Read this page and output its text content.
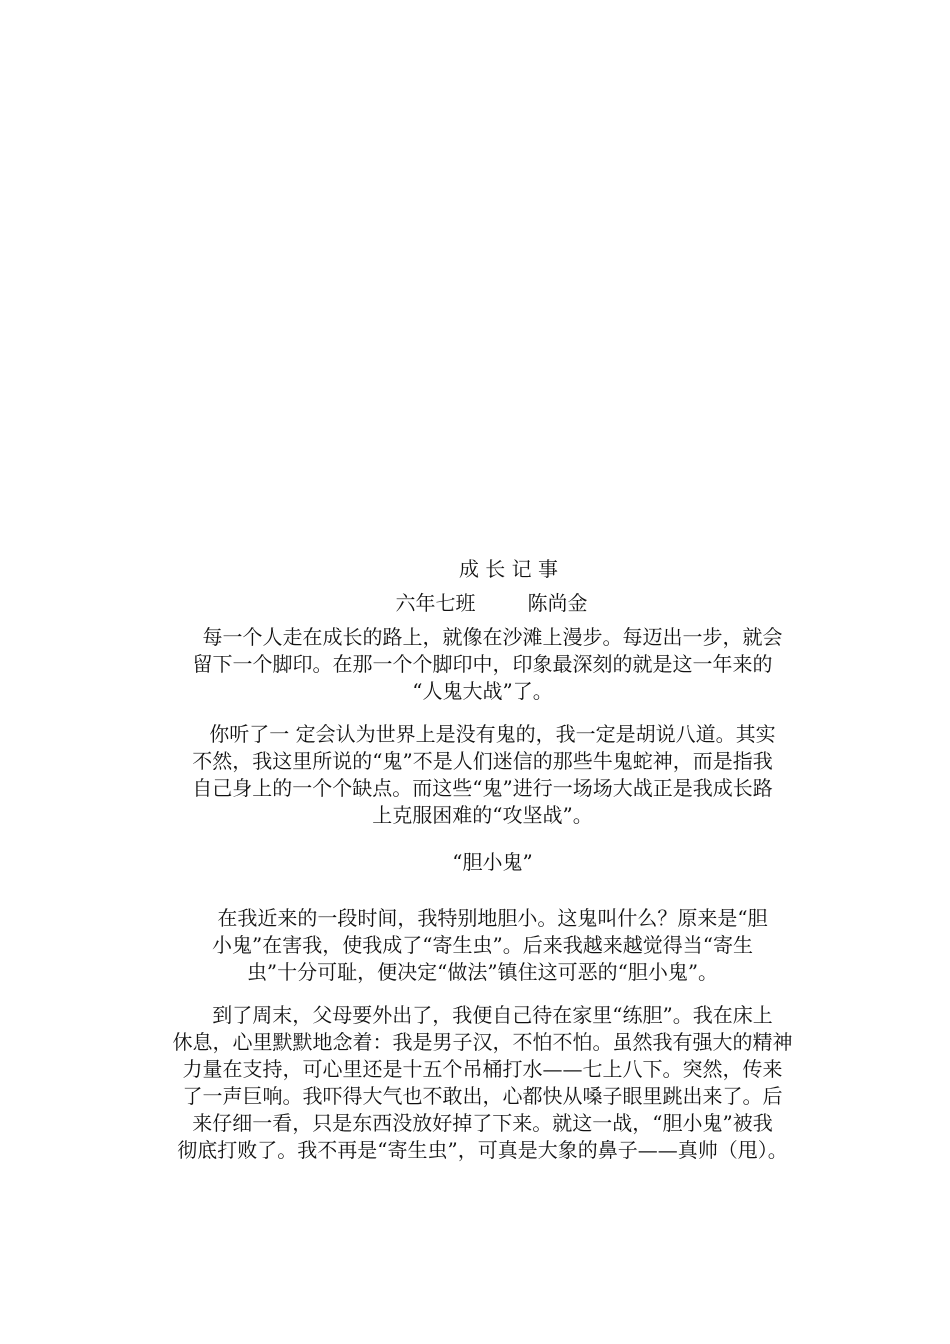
成 长 记 事
六年七班	陈尚金
　每一个人走在成长的路上，就像在沙滩上漫步。每迈出一步，就会
留下一个脚印。在那一个个脚印中，印象最深刻的就是这一年来的
“人鬼大战”了。
　你听了一 定会认为世界上是没有鬼的，我一定是胡说八道。其实
不然，我这里所说的“鬼”不是人们迷信的那些牛鬼蛇神，而是指我
自己身上的一个个缺点。而这些“鬼”进行一场场大战正是我成长路
上克服困难的“攻坚战”。
“胆小鬼”
　在我近来的一段时间，我特别地胆小。这鬼叫什么？原来是“胆
小鬼”在害我，使我成了“寄生虫”。后来我越来越觉得当“寄生
虫”十分可耻，便决定“做法”镇住这可恶的“胆小鬼”。
　到了周末，父母要外出了，我便自己待在家里“练胆”。我在床上
休息，心里默默地念着：我是男子汉，不怕不怕。虽然我有强大的精神
力量在支持，可心里还是十五个吊桶打水——七上八下。突然，传来
了一声巨响。我吓得大气也不敢出，心都快从嗓子眼里跳出来了。后
来仔细一看，只是东西没放好掉了下来。就这一战，“胆小鬼”被我
彻底打败了。我不再是“寄生虫”，可真是大象的鼻子——真帅（甩）。
